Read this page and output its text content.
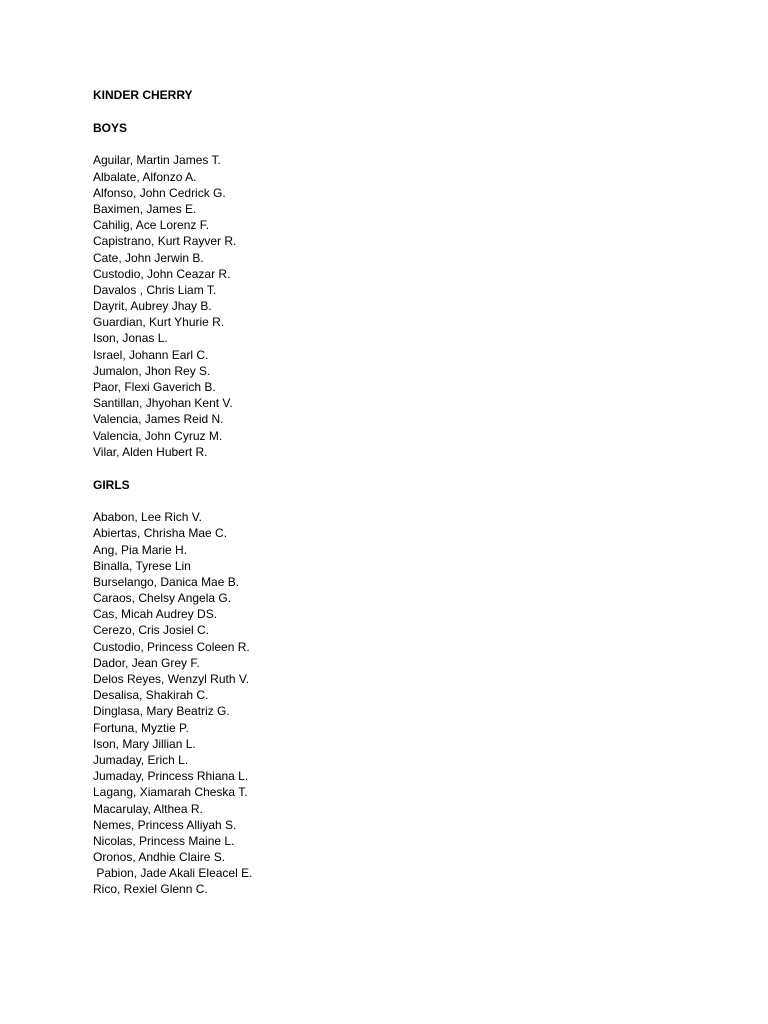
KINDER CHERRY
BOYS
Aguilar, Martin James T.
Albalate, Alfonzo A.
Alfonso, John Cedrick G.
Baximen, James E.
Cahilig, Ace Lorenz F.
Capistrano, Kurt Rayver R.
Cate, John Jerwin B.
Custodio, John Ceazar R.
Davalos , Chris Liam T.
Dayrit, Aubrey Jhay B.
Guardian, Kurt Yhurie R.
Ison, Jonas L.
Israel, Johann Earl C.
Jumalon, Jhon Rey S.
Paor, Flexi Gaverich B.
Santillan, Jhyohan Kent V.
Valencia, James Reid N.
Valencia, John Cyruz M.
Vilar, Alden Hubert R.
GIRLS
Ababon, Lee Rich V.
Abiertas, Chrisha Mae C.
Ang, Pia Marie H.
Binalla, Tyrese Lin
Burselango, Danica Mae B.
Caraos, Chelsy Angela G.
Cas, Micah Audrey DS.
Cerezo, Cris Josiel C.
Custodio, Princess Coleen R.
Dador, Jean Grey F.
Delos Reyes, Wenzyl Ruth V.
Desalisa, Shakirah C.
Dinglasa, Mary Beatriz G.
Fortuna, Myztie P.
Ison, Mary Jillian L.
Jumaday, Erich L.
Jumaday, Princess Rhiana L.
Lagang, Xiamarah Cheska T.
Macarulay, Althea R.
Nemes, Princess Alliyah S.
Nicolas, Princess Maine L.
Oronos, Andhie Claire S.
Pabion, Jade Akali Eleacel E.
Rico, Rexiel Glenn C.
